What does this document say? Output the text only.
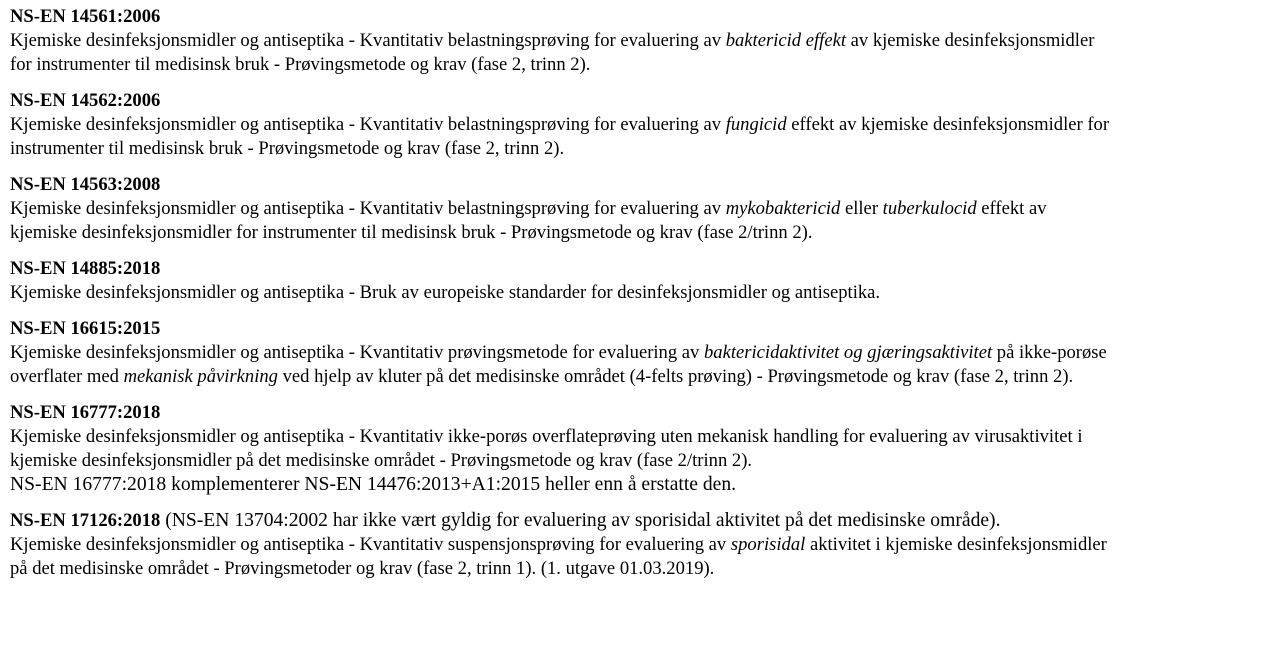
NS-EN 14561:2006
Kjemiske desinfeksjonsmidler og antiseptika - Kvantitativ belastningsprøving for evaluering av baktericid effekt av kjemiske desinfeksjonsmidler
for instrumenter til medisinsk bruk - Prøvingsmetode og krav (fase 2, trinn 2).
NS-EN 14562:2006
Kjemiske desinfeksjonsmidler og antiseptika - Kvantitativ belastningsprøving for evaluering av fungicid effekt av kjemiske desinfeksjonsmidler for
instrumenter til medisinsk bruk - Prøvingsmetode og krav (fase 2, trinn 2).
NS-EN 14563:2008
Kjemiske desinfeksjonsmidler og antiseptika - Kvantitativ belastningsprøving for evaluering av mykobaktericid eller tuberkulocid effekt av
kjemiske desinfeksjonsmidler for instrumenter til medisinsk bruk - Prøvingsmetode og krav (fase 2/trinn 2).
NS-EN 14885:2018
Kjemiske desinfeksjonsmidler og antiseptika - Bruk av europeiske standarder for desinfeksjonsmidler og antiseptika.
NS-EN 16615:2015
Kjemiske desinfeksjonsmidler og antiseptika - Kvantitativ prøvingsmetode for evaluering av baktericidaktivitet og gjæringsaktivitet på ikke-porøse
overflater med mekanisk påvirkning ved hjelp av kluter på det medisinske området (4-felts prøving) - Prøvingsmetode og krav (fase 2, trinn 2).
NS-EN 16777:2018
Kjemiske desinfeksjonsmidler og antiseptika - Kvantitativ ikke-porøs overflateprøving uten mekanisk handling for evaluering av virusaktivitet i
kjemiske desinfeksjonsmidler på det medisinske området - Prøvingsmetode og krav (fase 2/trinn 2).
NS-EN 16777:2018 komplementerer NS-EN 14476:2013+A1:2015 heller enn å erstatte den.
NS-EN 17126:2018 (NS-EN 13704:2002 har ikke vært gyldig for evaluering av sporisidal aktivitet på det medisinske område).
Kjemiske desinfeksjonsmidler og antiseptika - Kvantitativ suspensjonsprøving for evaluering av sporisidal aktivitet i kjemiske desinfeksjonsmidler
på det medisinske området - Prøvingsmetoder og krav (fase 2, trinn 1). (1. utgave 01.03.2019).
